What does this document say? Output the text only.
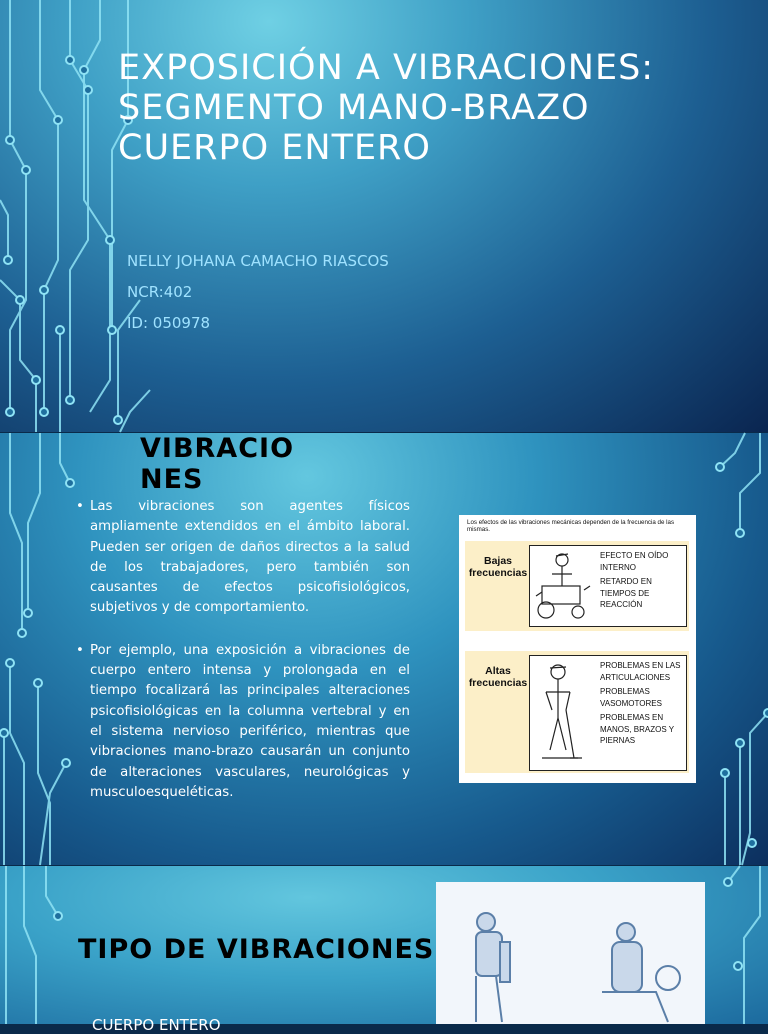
EXPOSICIÓN A VIBRACIONES: SEGMENTO MANO-BRAZO CUERPO ENTERO
NELLY JOHANA CAMACHO RIASCOS
NCR:402
ID: 050978
VIBRACIONES

• Las vibraciones son agentes físicos ampliamente extendidos en el ámbito laboral. Pueden ser origen de daños directos a la salud de los trabajadores, pero también son causantes de efectos psicofisiológicos, subjetivos y de comportamiento.

• Por ejemplo, una exposición a vibraciones de cuerpo entero intensa y prolongada en el tiempo focalizará las principales alteraciones psicofisiológicas en la columna vertebral y en el sistema nervioso periférico, mientras que vibraciones mano-brazo causarán un conjunto de alteraciones vasculares, neurológicas y musculoesqueléticas.

Los efectos de las vibraciones mecánicas dependen de la frecuencia de las mismas.
Bajas frecuencias
EFECTO EN OÍDO INTERNO
RETARDO EN TIEMPOS DE REACCIÓN
Altas frecuencias
PROBLEMAS EN LAS ARTICULACIONES
PROBLEMAS VASOMOTORES
PROBLEMAS EN MANOS, BRAZOS Y PIERNAS
TIPO DE VIBRACIONES
CUERPO ENTERO
